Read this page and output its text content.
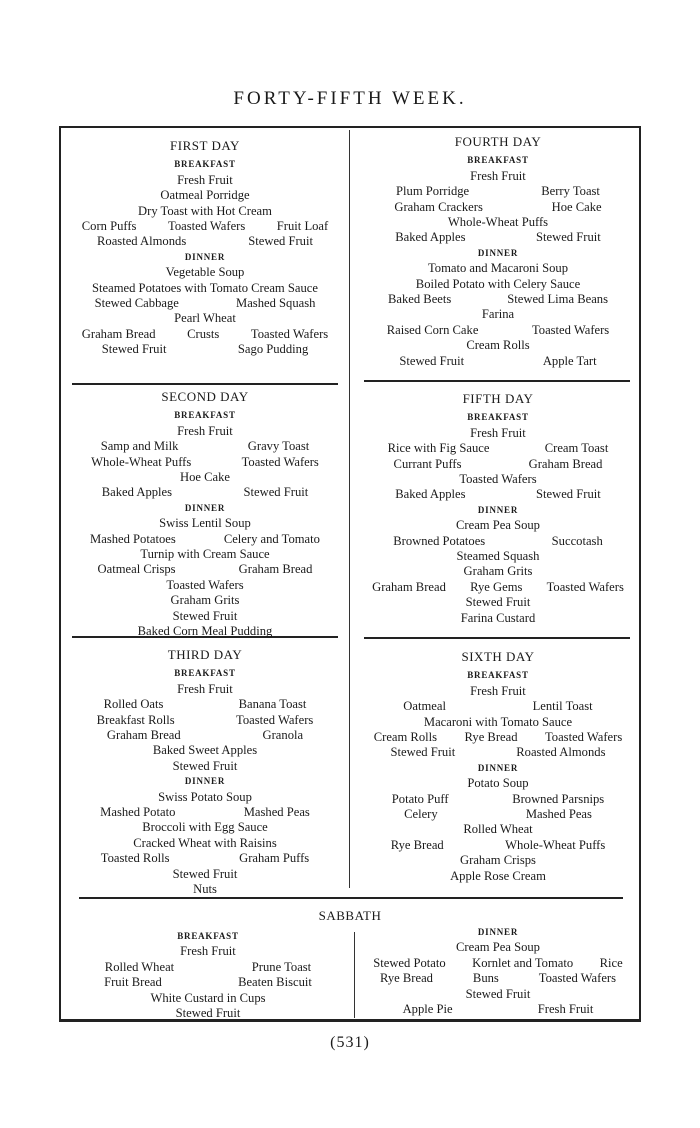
FORTY-FIFTH WEEK.
FIRST DAY
BREAKFAST
Fresh Fruit
Oatmeal Porridge
Dry Toast with Hot Cream
Corn Puffs	Toasted Wafers	Fruit Loaf
Roasted Almonds	Stewed Fruit
DINNER
Vegetable Soup
Steamed Potatoes with Tomato Cream Sauce
Stewed Cabbage	Mashed Squash
Pearl Wheat
Graham Bread	Crusts	Toasted Wafers
Stewed Fruit	Sago Pudding
SECOND DAY
BREAKFAST
Fresh Fruit
Samp and Milk	Gravy Toast
Whole-Wheat Puffs	Toasted Wafers
Hoe Cake
Baked Apples	Stewed Fruit
DINNER
Swiss Lentil Soup
Mashed Potatoes	Celery and Tomato
Turnip with Cream Sauce
Oatmeal Crisps	Graham Bread
Toasted Wafers
Graham Grits
Stewed Fruit
Baked Corn Meal Pudding
THIRD DAY
BREAKFAST
Fresh Fruit
Rolled Oats	Banana Toast
Breakfast Rolls	Toasted Wafers
Graham Bread	Granola
Baked Sweet Apples
Stewed Fruit
DINNER
Swiss Potato Soup
Mashed Potato	Mashed Peas
Broccoli with Egg Sauce
Cracked Wheat with Raisins
Toasted Rolls	Graham Puffs
Stewed Fruit
Nuts
FOURTH DAY
BREAKFAST
Fresh Fruit
Plum Porridge	Berry Toast
Graham Crackers	Hoe Cake
Whole-Wheat Puffs
Baked Apples	Stewed Fruit
DINNER
Tomato and Macaroni Soup
Boiled Potato with Celery Sauce
Baked Beets	Stewed Lima Beans
Farina
Raised Corn Cake	Toasted Wafers
Cream Rolls
Stewed Fruit	Apple Tart
FIFTH DAY
BREAKFAST
Fresh Fruit
Rice with Fig Sauce	Cream Toast
Currant Puffs	Graham Bread
Toasted Wafers
Baked Apples	Stewed Fruit
DINNER
Cream Pea Soup
Browned Potatoes	Succotash
Steamed Squash
Graham Grits
Graham Bread Rye Gems Toasted Wafers
Stewed Fruit
Farina Custard
SIXTH DAY
BREAKFAST
Fresh Fruit
Oatmeal	Lentil Toast
Macaroni with Tomato Sauce
Cream Rolls Rye Bread Toasted Wafers
Stewed Fruit	Roasted Almonds
DINNER
Potato Soup
Potato Puff	Browned Parsnips
Celery	Mashed Peas
Rolled Wheat
Rye Bread	Whole-Wheat Puffs
Graham Crisps
Apple Rose Cream
SABBATH
BREAKFAST
Fresh Fruit
Rolled Wheat	Prune Toast
Fruit Bread	Beaten Biscuit
White Custard in Cups
Stewed Fruit
DINNER
Cream Pea Soup
Stewed Potato Kornlet and Tomato Rice
Rye Bread	Buns	Toasted Wafers
Stewed Fruit
Apple Pie	Fresh Fruit
(531)
